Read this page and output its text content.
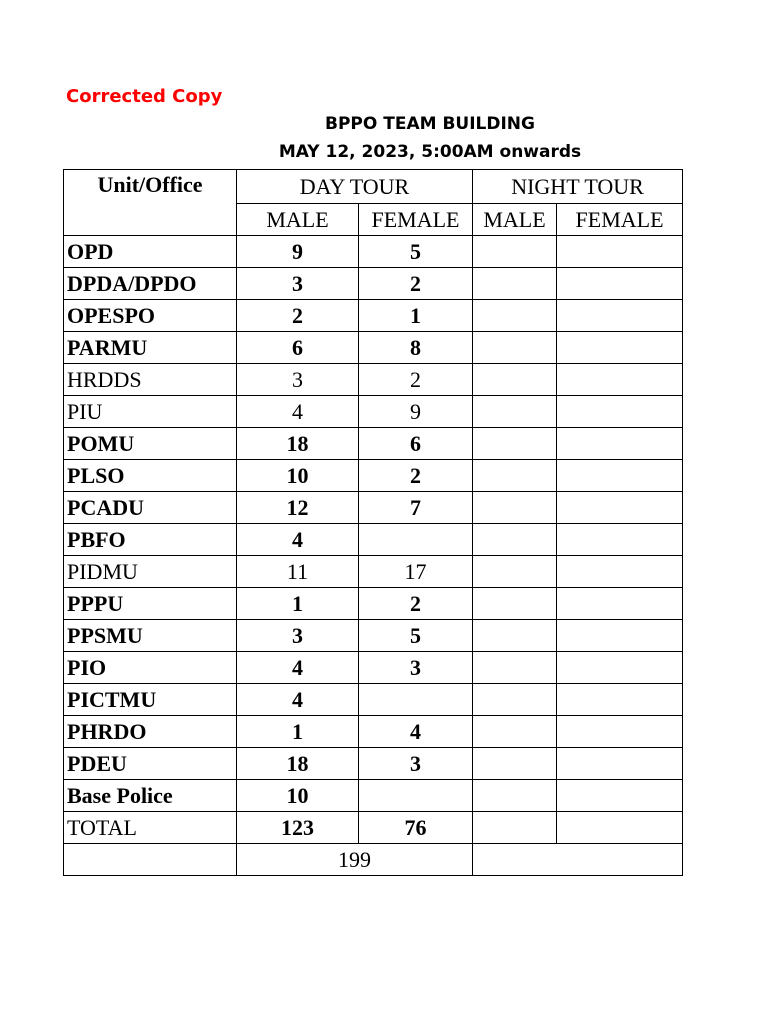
Corrected Copy
BPPO TEAM BUILDING
MAY 12, 2023, 5:00AM onwards
Unit/Office	DAY TOUR		NIGHT TOUR	
	MALE	FEMALE	MALE	FEMALE
OPD	9	5		
DPDA/DPDO	3	2		
OPESPO	2	1		
PARMU	6	8		
HRDDS	3	2		
PIU	4	9		
POMU	18	6		
PLSO	10	2		
PCADU	12	7		
PBFO	4			
PIDMU	11	17		
PPPU	1	2		
PPSMU	3	5		
PIO	4	3		
PICTMU	4			
PHRDO	1	4		
PDEU	18	3		
Base Police	10			
TOTAL	123	76		
	199			
